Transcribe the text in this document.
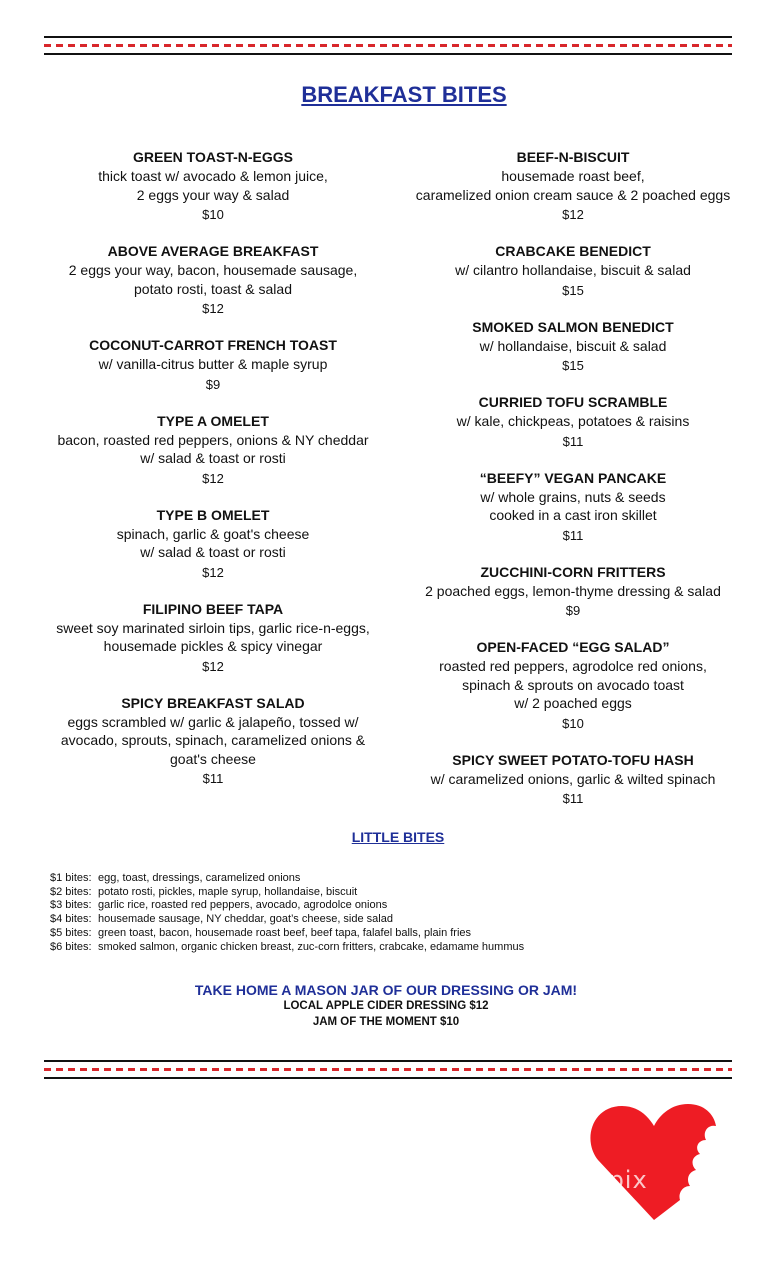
BREAKFAST BITES
GREEN TOAST-N-EGGS
thick toast w/ avocado & lemon juice,
2 eggs your way & salad
$10
ABOVE AVERAGE BREAKFAST
2 eggs your way, bacon, housemade sausage,
potato rosti, toast & salad
$12
COCONUT-CARROT FRENCH TOAST
w/ vanilla-citrus butter & maple syrup
$9
TYPE A OMELET
bacon, roasted red peppers, onions & NY cheddar
w/ salad & toast or rosti
$12
TYPE B OMELET
spinach, garlic & goat's cheese
w/ salad & toast or rosti
$12
FILIPINO BEEF TAPA
sweet soy marinated sirloin tips, garlic rice-n-eggs,
housemade pickles & spicy vinegar
$12
SPICY BREAKFAST SALAD
eggs scrambled w/ garlic & jalapeño, tossed w/
avocado, sprouts, spinach, caramelized onions &
goat's cheese
$11
BEEF-N-BISCUIT
housemade roast beef,
caramelized onion cream sauce & 2 poached eggs
$12
CRABCAKE BENEDICT
w/ cilantro hollandaise, biscuit & salad
$15
SMOKED SALMON BENEDICT
w/ hollandaise, biscuit & salad
$15
CURRIED TOFU SCRAMBLE
w/ kale, chickpeas, potatoes & raisins
$11
“BEEFY” VEGAN PANCAKE
w/ whole grains, nuts & seeds
cooked in a cast iron skillet
$11
ZUCCHINI-CORN FRITTERS
2 poached eggs, lemon-thyme dressing & salad
$9
OPEN-FACED “EGG SALAD”
roasted red peppers, agrodolce red onions,
spinach & sprouts on avocado toast
w/ 2 poached eggs
$10
SPICY SWEET POTATO-TOFU HASH
w/ caramelized onions, garlic & wilted spinach
$11
LITTLE BITES
$1 bites: egg, toast, dressings, caramelized onions
$2 bites: potato rosti, pickles, maple syrup, hollandaise, biscuit
$3 bites: garlic rice, roasted red peppers, avocado, agrodolce onions
$4 bites: housemade sausage, NY cheddar, goat’s cheese, side salad
$5 bites: green toast, bacon, housemade roast beef, beef tapa, falafel balls, plain fries
$6 bites: smoked salmon, organic chicken breast, zuc-corn fritters, crabcake, edamame hummus
TAKE HOME A MASON JAR OF OUR DRESSING OR JAM!
LOCAL APPLE CIDER DRESSING $12
JAM OF THE MOMENT $10
menupix
